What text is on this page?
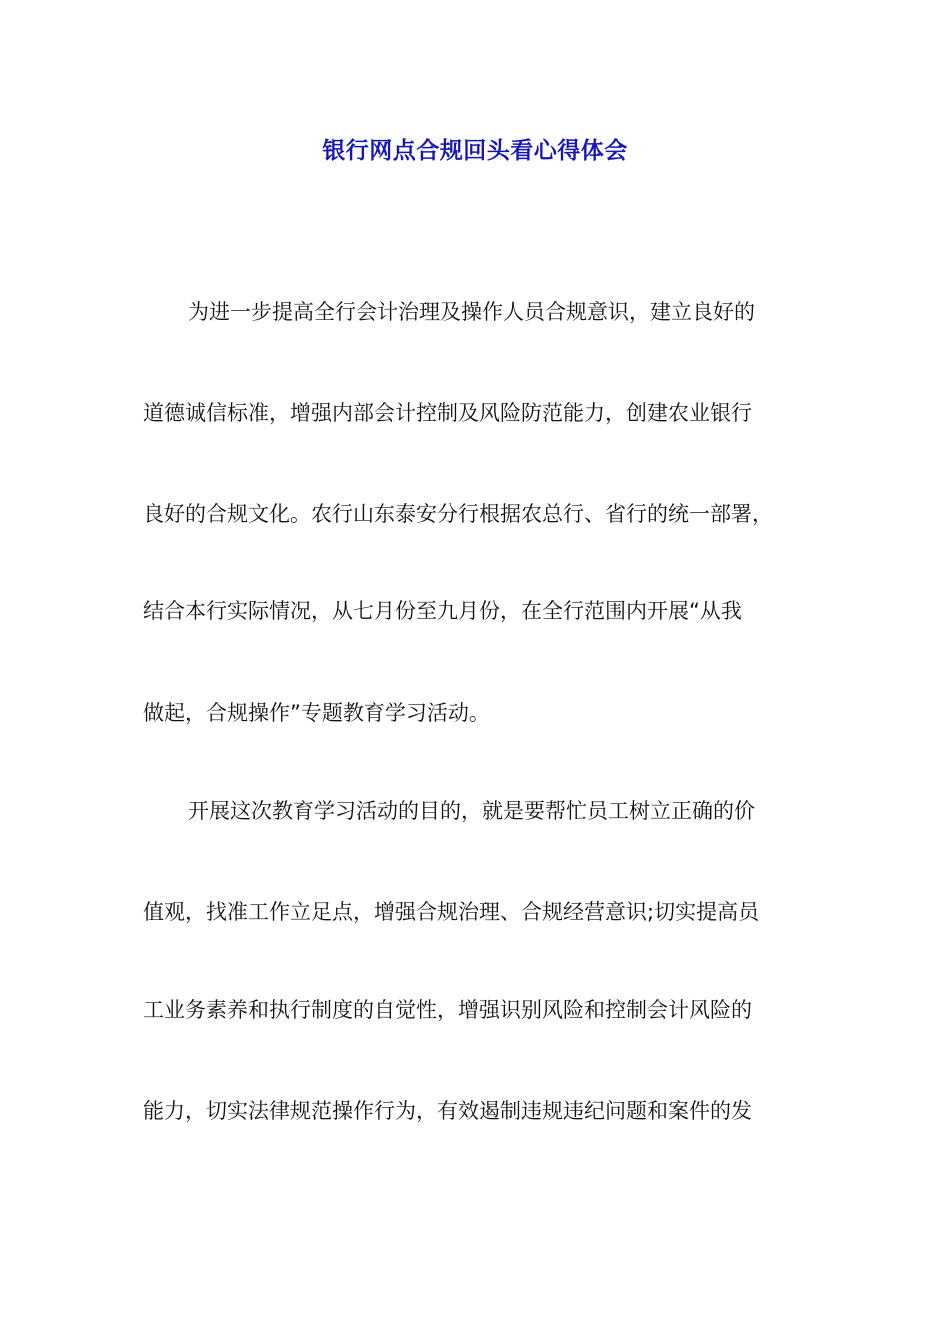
银行网点合规回头看心得体会
为进一步提高全行会计治理及操作人员合规意识，建立良好的
道德诚信标准，增强内部会计控制及风险防范能力，创建农业银行
良好的合规文化。农行山东泰安分行根据农总行、省行的统一部署，
结合本行实际情况，从七月份至九月份，在全行范围内开展“从我
做起，合规操作”专题教育学习活动。
开展这次教育学习活动的目的，就是要帮忙员工树立正确的价
值观，找准工作立足点，增强合规治理、合规经营意识;切实提高员
工业务素养和执行制度的自觉性，增强识别风险和控制会计风险的
能力，切实法律规范操作行为，有效遏制违规违纪问题和案件的发
